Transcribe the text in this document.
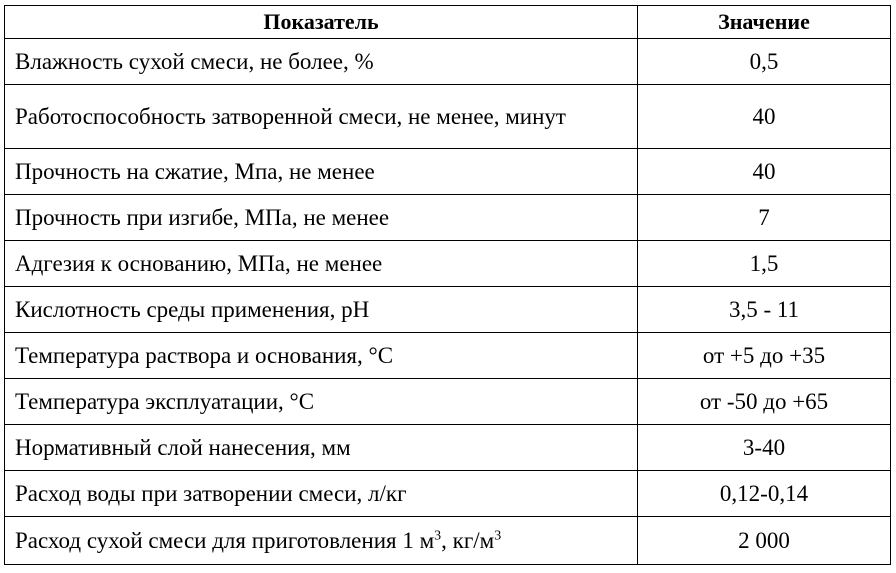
Показатель	Значение
Влажность сухой смеси, не более, %	0,5
Работоспособность затворенной смеси, не менее, минут	40
Прочность на сжатие, Мпа, не менее	40
Прочность при изгибе, МПа, не менее	7
Адгезия к основанию, МПа, не менее	1,5
Кислотность среды применения, pH	3,5 - 11
Температура раствора и основания, °С	от +5 до +35
Температура эксплуатации, °С	от -50 до +65
Нормативный слой нанесения, мм	3-40
Расход воды при затворении смеси, л/кг	0,12-0,14
Расход сухой смеси для приготовления 1 $м^3$, $кг/м^3$	2 000
